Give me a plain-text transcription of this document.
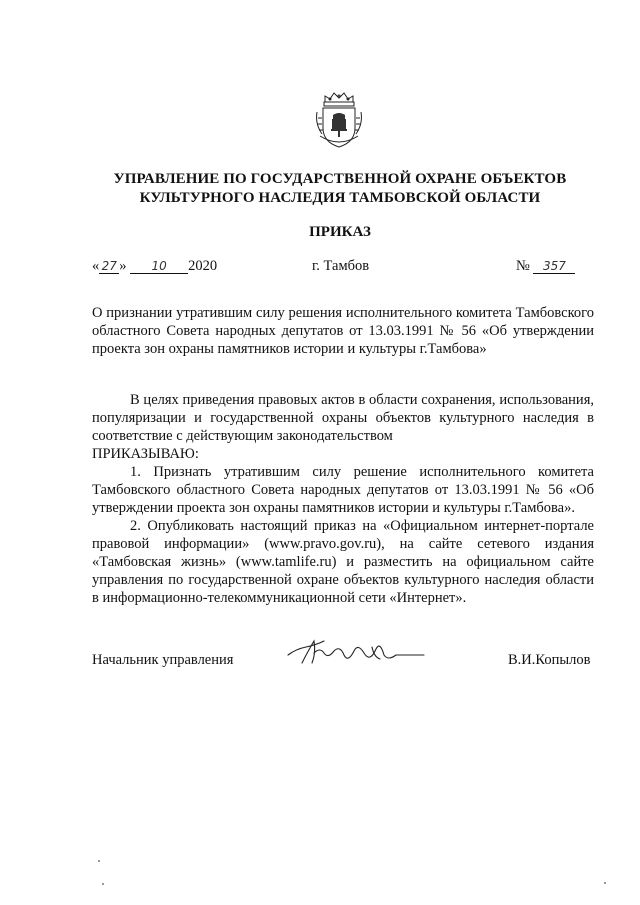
УПРАВЛЕНИЕ ПО ГОСУДАРСТВЕННОЙ ОХРАНЕ ОБЪЕКТОВ
КУЛЬТУРНОГО НАСЛЕДИЯ ТАМБОВСКОЙ ОБЛАСТИ
ПРИКАЗ
« 27 » 10 2020	г. Тамбов	№ 357
О признании утратившим силу решения исполнительного комитета Тамбовского областного Совета народных депутатов от 13.03.1991 № 56 «Об утверждении проекта зон охраны памятников истории и культуры г.Тамбова»

В целях приведения правовых актов в области сохранения, использования, популяризации и государственной охраны объектов культурного наследия в соответствие с действующим законодательством

ПРИКАЗЫВАЮ:

1. Признать утратившим силу решение исполнительного комитета Тамбовского областного Совета народных депутатов от 13.03.1991 № 56 «Об утверждении проекта зон охраны памятников истории и культуры г.Тамбова».

2. Опубликовать настоящий приказ на «Официальном интернет-портале правовой информации» (www.pravo.gov.ru), на сайте сетевого издания «Тамбовская жизнь» (www.tamlife.ru) и разместить на официальном сайте управления по государственной охране объектов культурного наследия области в информационно-телекоммуникационной сети «Интернет».

Начальник управления	В.И.Копылов
